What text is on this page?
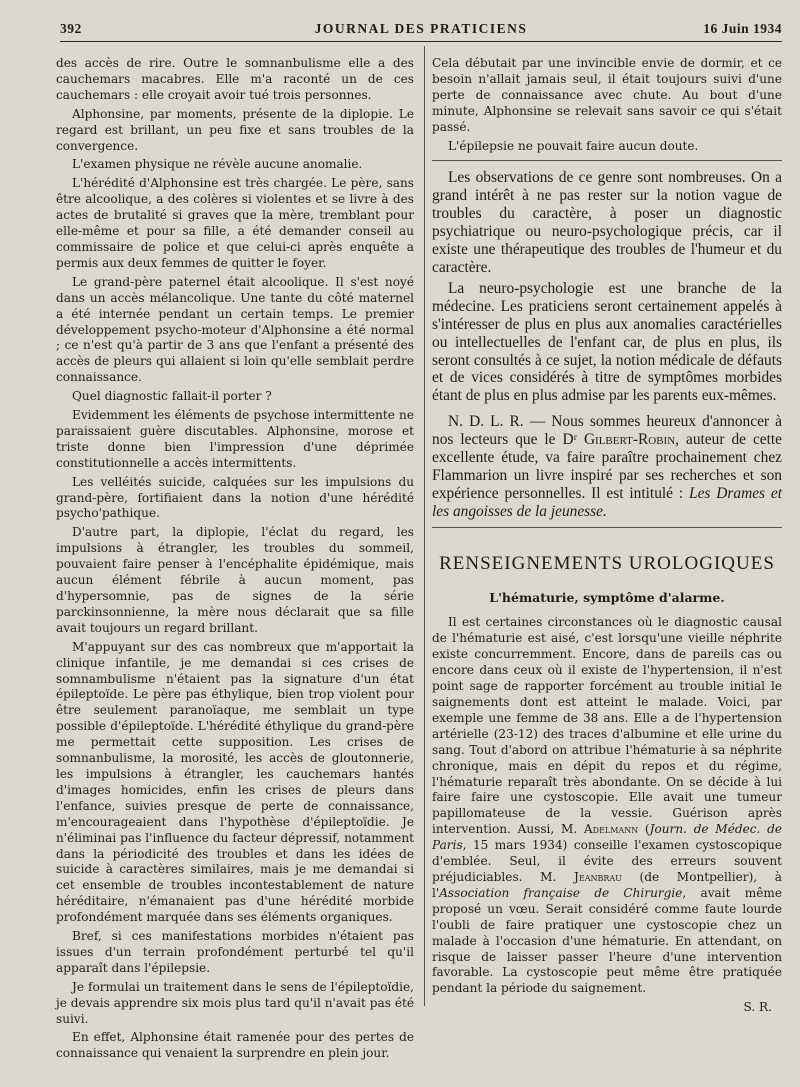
392	JOURNAL DES PRATICIENS	16 Juin 1934

des accès de rire. Outre le somnanbulisme elle a des cauchemars macabres. Elle m'a raconté un de ces cauchemars : elle croyait avoir tué trois personnes.

Alphonsine, par moments, présente de la diplopie. Le regard est brillant, un peu fixe et sans troubles de la convergence.

L'examen physique ne révèle aucune anomalie.

L'hérédité d'Alphonsine est très chargée. Le père, sans être alcoolique, a des colères si violentes et se livre à des actes de brutalité si graves que la mère, tremblant pour elle-même et pour sa fille, a été demander conseil au commissaire de police et que celui-ci après enquête a permis aux deux femmes de quitter le foyer.

Le grand-père paternel était alcoolique. Il s'est noyé dans un accès mélancolique. Une tante du côté maternel a été internée pendant un certain temps. Le premier développement psycho-moteur d'Alphonsine a été normal ; ce n'est qu'à partir de 3 ans que l'enfant a présenté des accès de pleurs qui allaient si loin qu'elle semblait perdre connaissance.

Quel diagnostic fallait-il porter ?

Evidemment les éléments de psychose intermittente ne paraissaient guère discutables. Alphonsine, morose et triste donne bien l'impression d'une déprimée constitutionnelle a accès intermittents.

Les velléités suicide, calquées sur les impulsions du grand-père, fortifiaient dans la notion d'une hérédité psycho'pathique.

D'autre part, la diplopie, l'éclat du regard, les impulsions à étrangler, les troubles du sommeil, pouvaient faire penser à l'encéphalite épidémique, mais aucun élément fébrile à aucun moment, pas d'hypersomnie, pas de signes de la série parckinsonnienne, la mère nous déclarait que sa fille avait toujours un regard brillant.

M'appuyant sur des cas nombreux que m'apportait la clinique infantile, je me demandai si ces crises de somnambulisme n'étaient pas la signature d'un état épileptoïde. Le père pas éthylique, bien trop violent pour être seulement paranoïaque, me semblait un type possible d'épileptoïde. L'hérédité éthylique du grand-père me permettait cette supposition. Les crises de somnanbulisme, la morosité, les accès de gloutonnerie, les impulsions à étrangler, les cauchemars hantés d'images homicides, enfin les crises de pleurs dans l'enfance, suivies presque de perte de connaissance, m'encourageaient dans l'hypothèse d'épileptoïdie. Je n'éliminai pas l'influence du facteur dépressif, notamment dans la périodicité des troubles et dans les idées de suicide à caractères similaires, mais je me demandai si cet ensemble de troubles incontestablement de nature héréditaire, n'émanaient pas d'une hérédité morbide profondément marquée dans ses éléments organiques.

Bref, si ces manifestations morbides n'étaient pas issues d'un terrain profondément perturbé tel qu'il apparaît dans l'épilepsie.

Je formulai un traitement dans le sens de l'épileptoïdie, je devais apprendre six mois plus tard qu'il n'avait pas été suivi.

En effet, Alphonsine était ramenée pour des pertes de connaissance qui venaient la surprendre en plein jour.

Cela débutait par une invincible envie de dormir, et ce besoin n'allait jamais seul, il était toujours suivi d'une perte de connaissance avec chute. Au bout d'une minute, Alphonsine se relevait sans savoir ce qui s'était passé.

L'épilepsie ne pouvait faire aucun doute.

Les observations de ce genre sont nombreuses. On a grand intérêt à ne pas rester sur la notion vague de troubles du caractère, à poser un diagnostic psychiatrique ou neuro-psychologique précis, car il existe une thérapeutique des troubles de l'humeur et du caractère.

La neuro-psychologie est une branche de la médecine. Les praticiens seront certainement appelés à s'intéresser de plus en plus aux anomalies caractérielles ou intellectuelles de l'enfant car, de plus en plus, ils seront consultés à ce sujet, la notion médicale de défauts et de vices considérés à titre de symptômes morbides étant de plus en plus admise par les parents eux-mêmes.

N. D. L. R. — Nous sommes heureux d'annoncer à nos lecteurs que le Dʳ Gilbert-Robin, auteur de cette excellente étude, va faire paraître prochainement chez Flammarion un livre inspiré par ses recherches et son expérience personnelles. Il est intitulé : Les Drames et les angoisses de la jeunesse.

RENSEIGNEMENTS UROLOGIQUES
L'hématurie, symptôme d'alarme.

Il est certaines circonstances où le diagnostic causal de l'hématurie est aisé, c'est lorsqu'une vieille néphrite existe concurremment. Encore, dans de pareils cas ou encore dans ceux où il existe de l'hypertension, il n'est point sage de rapporter forcément au trouble initial le saignements dont est atteint le malade. Voici, par exemple une femme de 38 ans. Elle a de l'hypertension artérielle (23-12) des traces d'albumine et elle urine du sang. Tout d'abord on attribue l'hématurie à sa néphrite chronique, mais en dépit du repos et du régime, l'hématurie reparaît très abondante. On se décide à lui faire faire une cystoscopie. Elle avait une tumeur papillomateuse de la vessie. Guérison après intervention. Aussi, M. Adelmann (Journ. de Médec. de Paris, 15 mars 1934) conseille l'examen cystoscopique d'emblée. Seul, il évite des erreurs souvent préjudiciables. M. Jeanbrau (de Montpellier), à l'Association française de Chirurgie, avait même proposé un vœu. Serait considéré comme faute lourde l'oubli de faire pratiquer une cystoscopie chez un malade à l'occasion d'une hématurie. En attendant, on risque de laisser passer l'heure d'une intervention favorable. La cystoscopie peut même être pratiquée pendant la période du saignement.

S. R.
